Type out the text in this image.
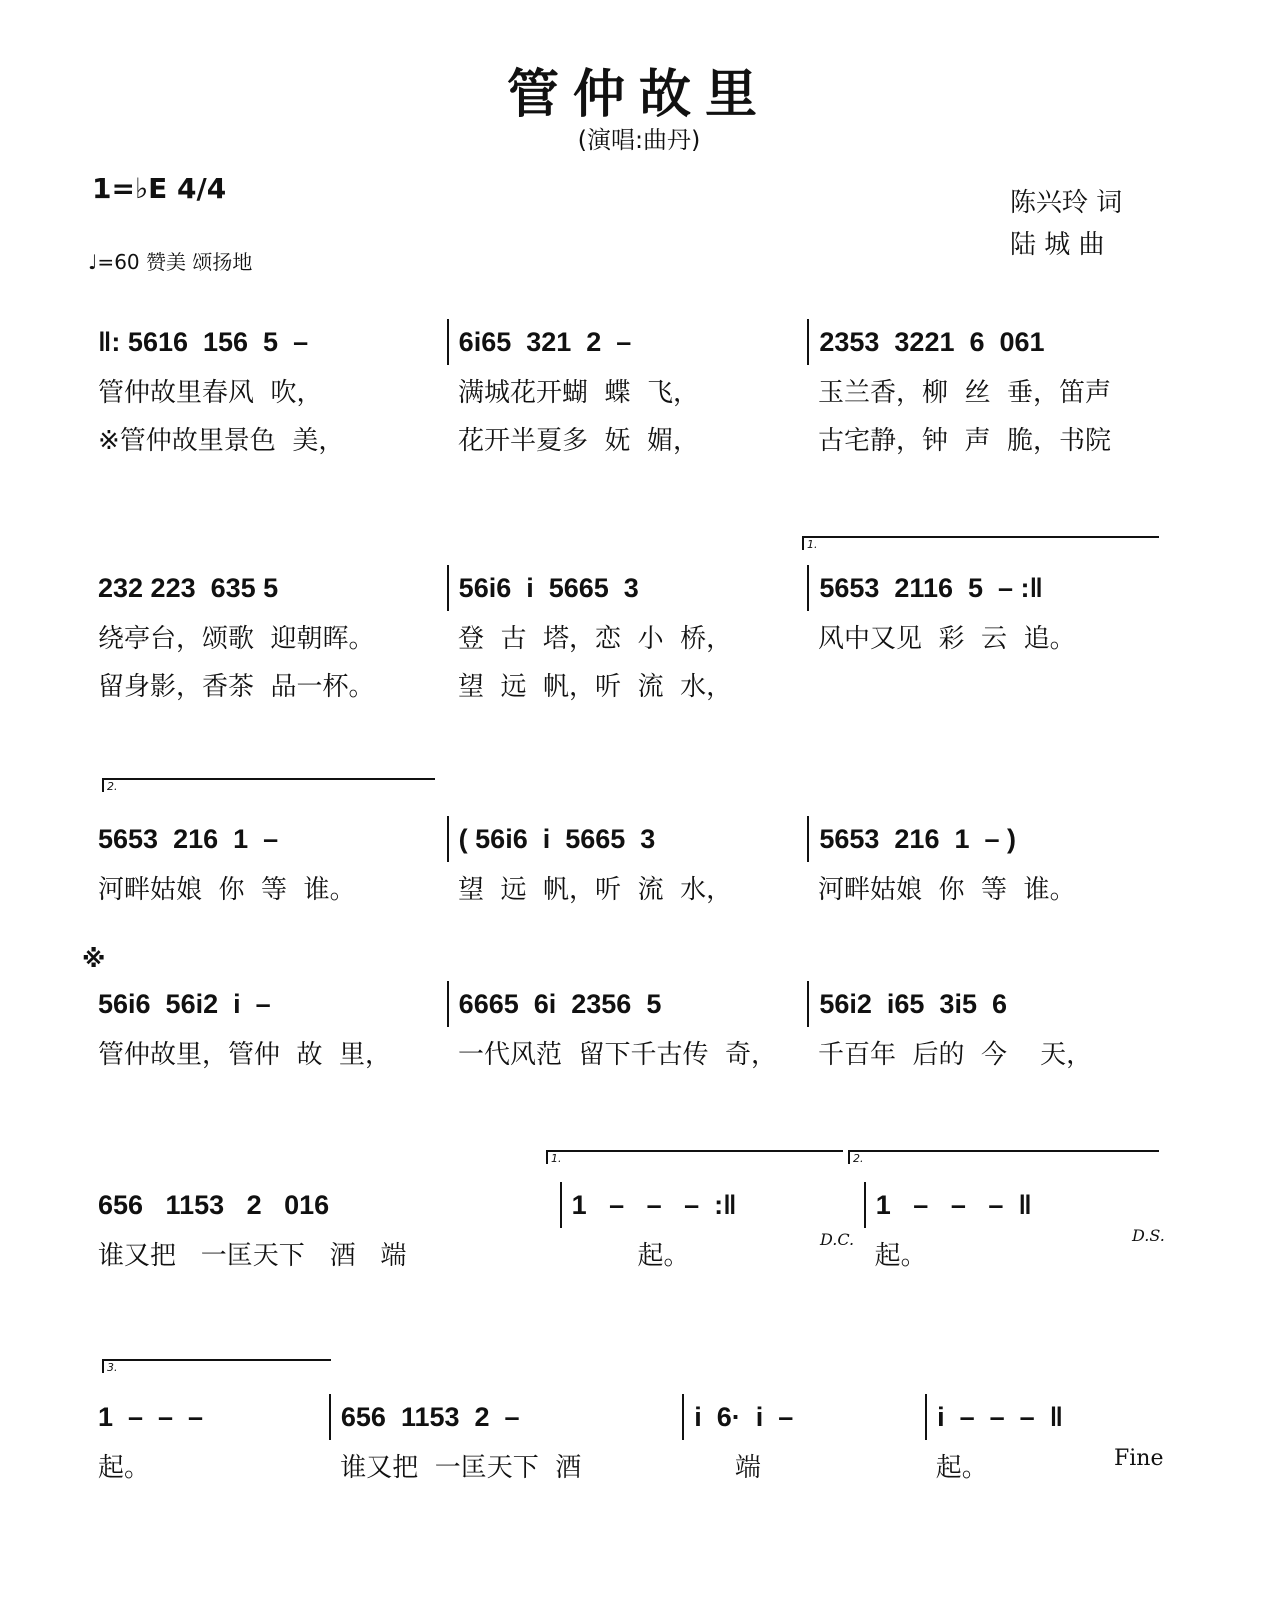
管仲故里
(演唱:曲丹)
1=♭E 4/4
♩=60 赞美 颂扬地
陈兴玲 词
陆 城 曲
‖: 5616  156  5  –	6i65  321  2  –	2353  3221  6  061
管仲故里春风  吹，	满城花开蝴  蝶  飞，	玉兰香，柳  丝  垂，笛声
※管仲故里景色  美，	花开半夏多  妩  媚，	古宅静，钟  声  脆，书院
1.
232 223  635 5	56i6  i  5665  3	5653  2116  5  – :‖
绕亭台，颂歌  迎朝晖。	登  古  塔，恋  小  桥，	风中又见  彩  云  追。
留身影，香茶  品一杯。	望  远  帆，听  流  水，
2.
5653  216  1  –	( 56i6  i  5665  3	5653  216  1  – )
河畔姑娘  你  等  谁。	望  远  帆，听  流  水，	河畔姑娘  你  等  谁。
※
56i6  56i2  i  –	6665  6i  2356  5	56i2  i65  3i5  6
管仲故里，管仲  故  里，	一代风范  留下千古传  奇，	千百年  后的  今    天，
1.	2.
656   1153   2   016	1   –   –   –  :‖	1   –   –   –  ‖
谁又把   一匡天下   酒   端	起。	起。
D.C.	D.S.
3.
1  –  –  –	656  1153  2  –	i  6·  i  –	i  –  –  –  ‖
起。	谁又把  一匡天下  酒	端	起。	Fine
